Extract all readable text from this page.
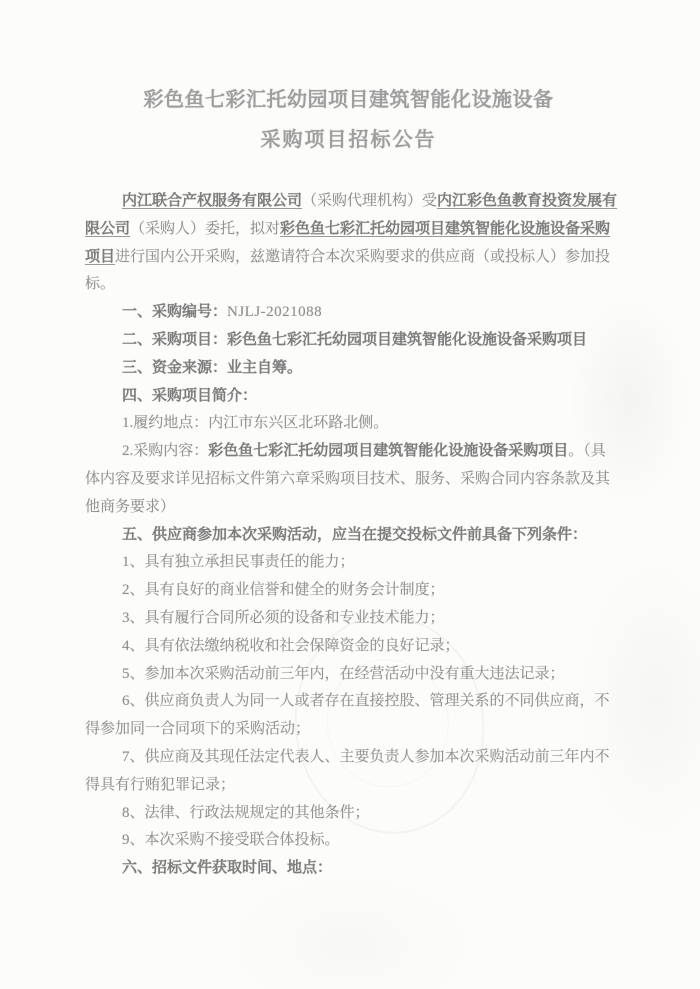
彩色鱼七彩汇托幼园项目建筑智能化设施设备
采购项目招标公告
内江联合产权服务有限公司（采购代理机构）受内江彩色鱼教育投资发展有
限公司（采购人）委托，拟对彩色鱼七彩汇托幼园项目建筑智能化设施设备采购
项目进行国内公开采购，兹邀请符合本次采购要求的供应商（或投标人）参加投
标。
一、采购编号：NJLJ-2021088
二、采购项目：彩色鱼七彩汇托幼园项目建筑智能化设施设备采购项目
三、资金来源：业主自筹。
四、采购项目简介：
1.履约地点：内江市东兴区北环路北侧。
2.采购内容：彩色鱼七彩汇托幼园项目建筑智能化设施设备采购项目。（具
体内容及要求详见招标文件第六章采购项目技术、服务、采购合同内容条款及其
他商务要求）
五、供应商参加本次采购活动，应当在提交投标文件前具备下列条件：
1、具有独立承担民事责任的能力；
2、具有良好的商业信誉和健全的财务会计制度；
3、具有履行合同所必须的设备和专业技术能力；
4、具有依法缴纳税收和社会保障资金的良好记录；
5、参加本次采购活动前三年内，在经营活动中没有重大违法记录；
6、供应商负责人为同一人或者存在直接控股、管理关系的不同供应商，不
得参加同一合同项下的采购活动；
7、供应商及其现任法定代表人、主要负责人参加本次采购活动前三年内不
得具有行贿犯罪记录；
8、法律、行政法规规定的其他条件；
9、本次采购不接受联合体投标。
六、招标文件获取时间、地点：
